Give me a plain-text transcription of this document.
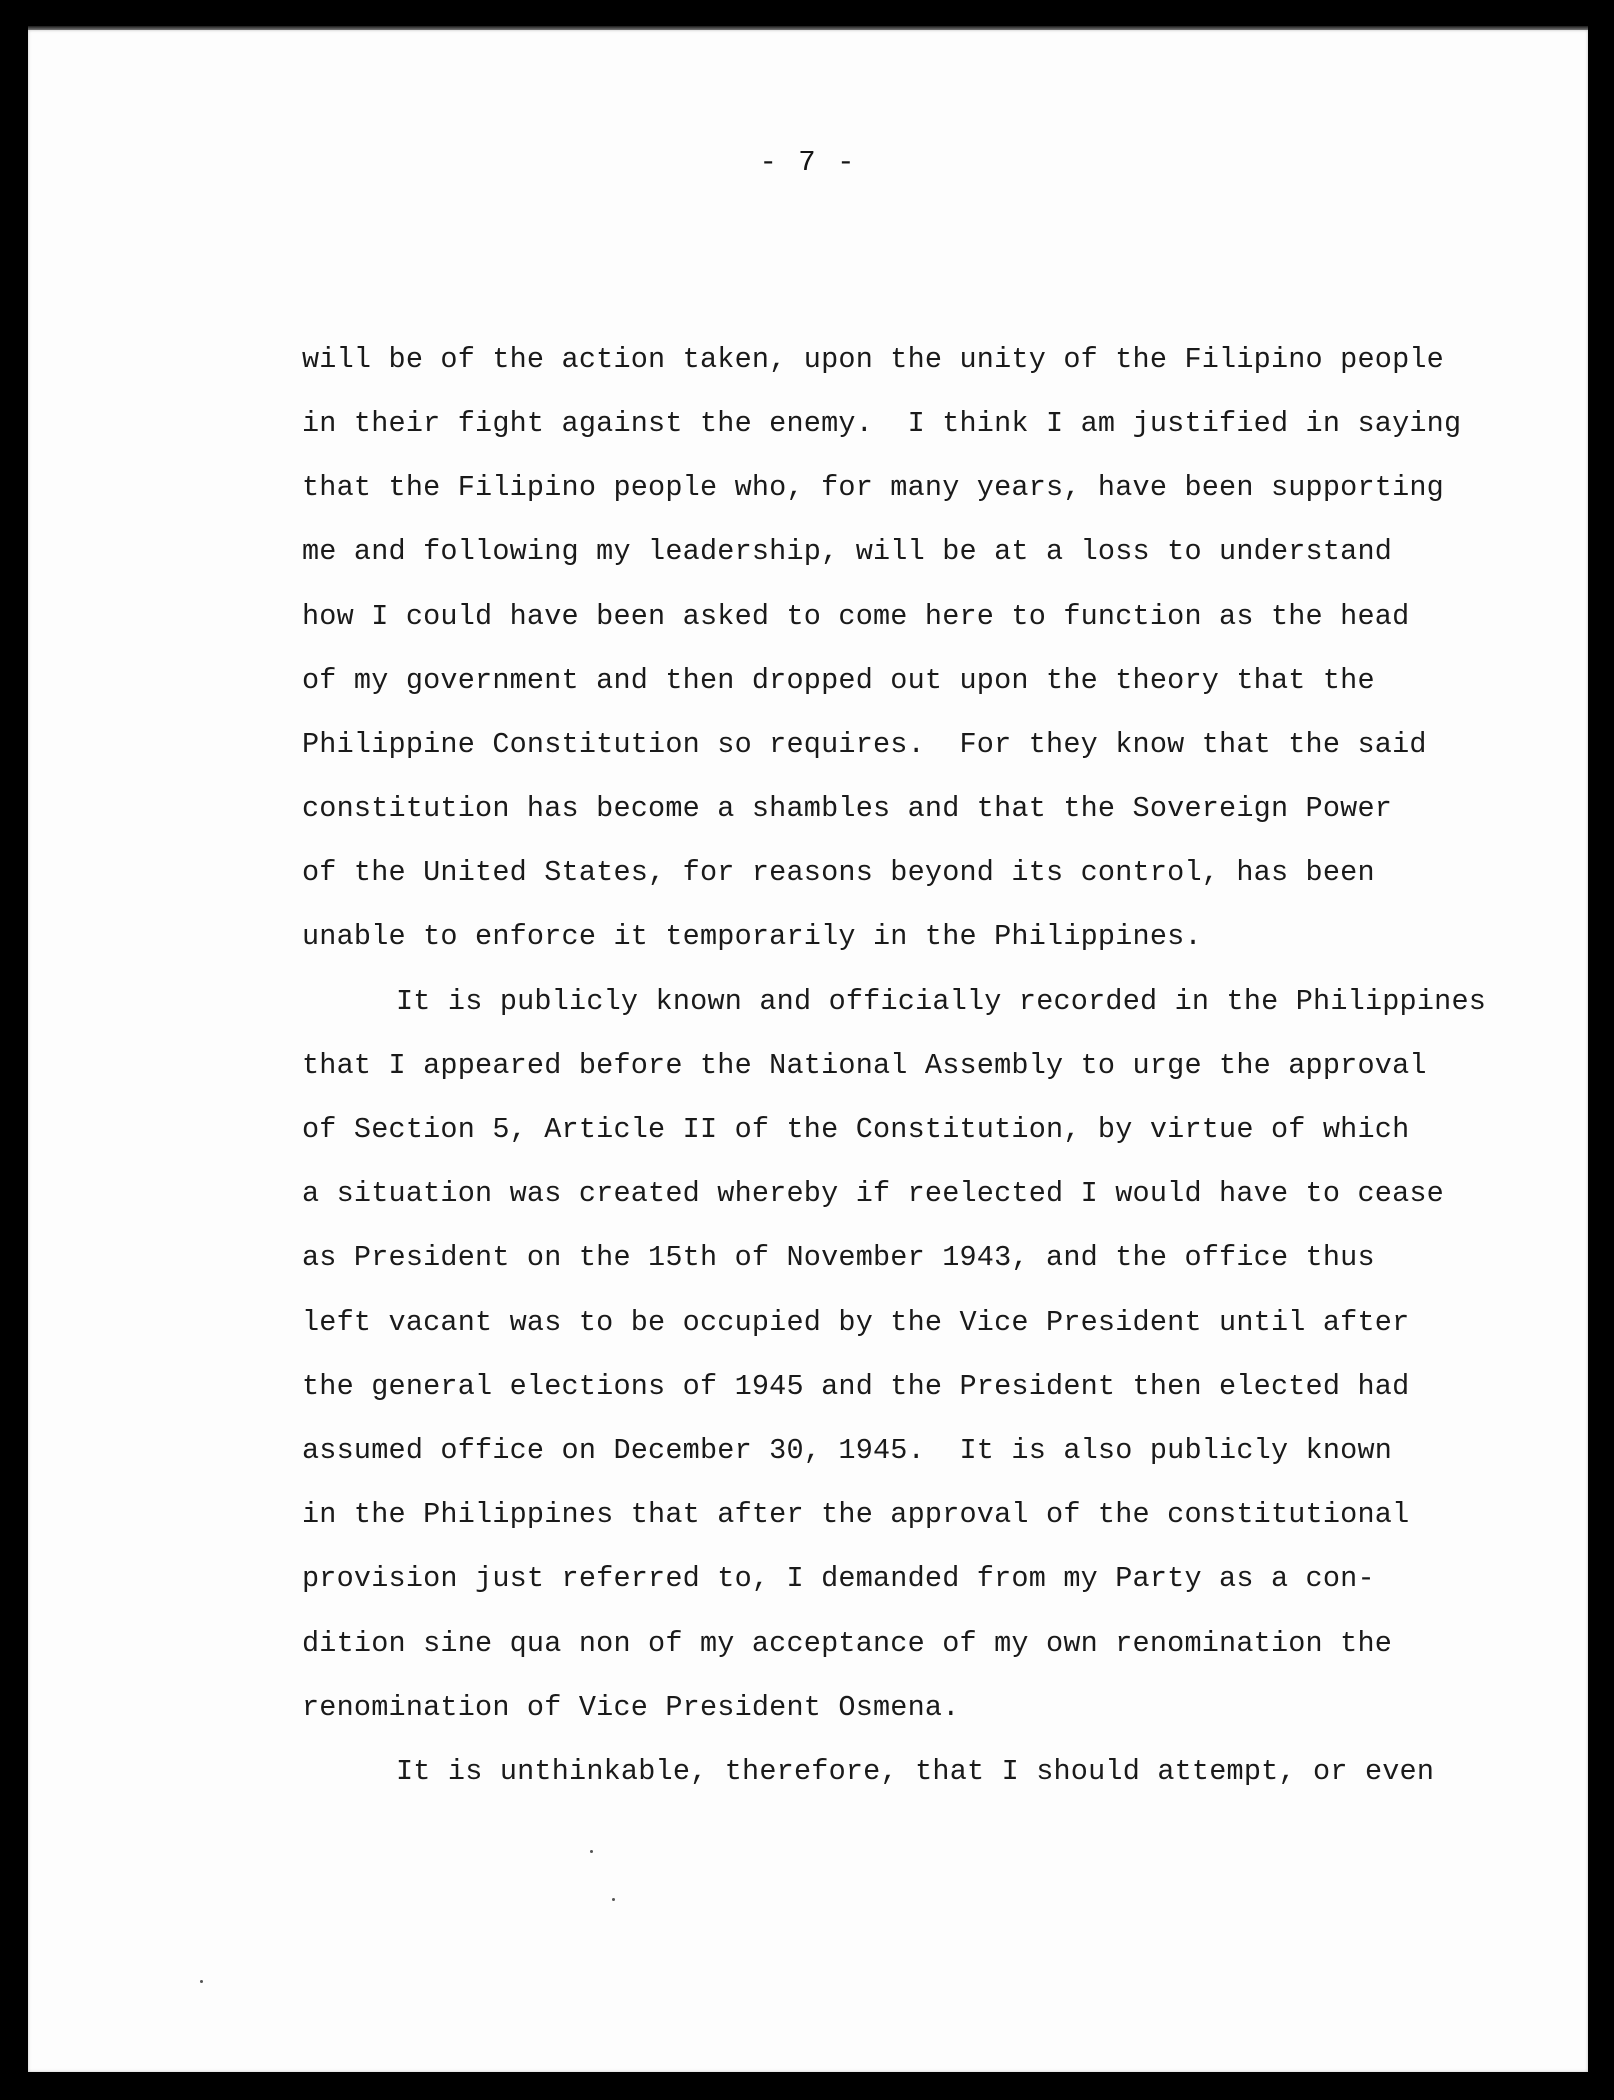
- 7 -
will be of the action taken, upon the unity of the Filipino people
in their fight against the enemy.  I think I am justified in saying
that the Filipino people who, for many years, have been supporting
me and following my leadership, will be at a loss to understand
how I could have been asked to come here to function as the head
of my government and then dropped out upon the theory that the
Philippine Constitution so requires.  For they know that the said
constitution has become a shambles and that the Sovereign Power
of the United States, for reasons beyond its control, has been
unable to enforce it temporarily in the Philippines.
It is publicly known and officially recorded in the Philippines
that I appeared before the National Assembly to urge the approval
of Section 5, Article II of the Constitution, by virtue of which
a situation was created whereby if reelected I would have to cease
as President on the 15th of November 1943, and the office thus
left vacant was to be occupied by the Vice President until after
the general elections of 1945 and the President then elected had
assumed office on December 30, 1945.  It is also publicly known
in the Philippines that after the approval of the constitutional
provision just referred to, I demanded from my Party as a con-
dition sine qua non of my acceptance of my own renomination the
renomination of Vice President Osmena.
It is unthinkable, therefore, that I should attempt, or even
